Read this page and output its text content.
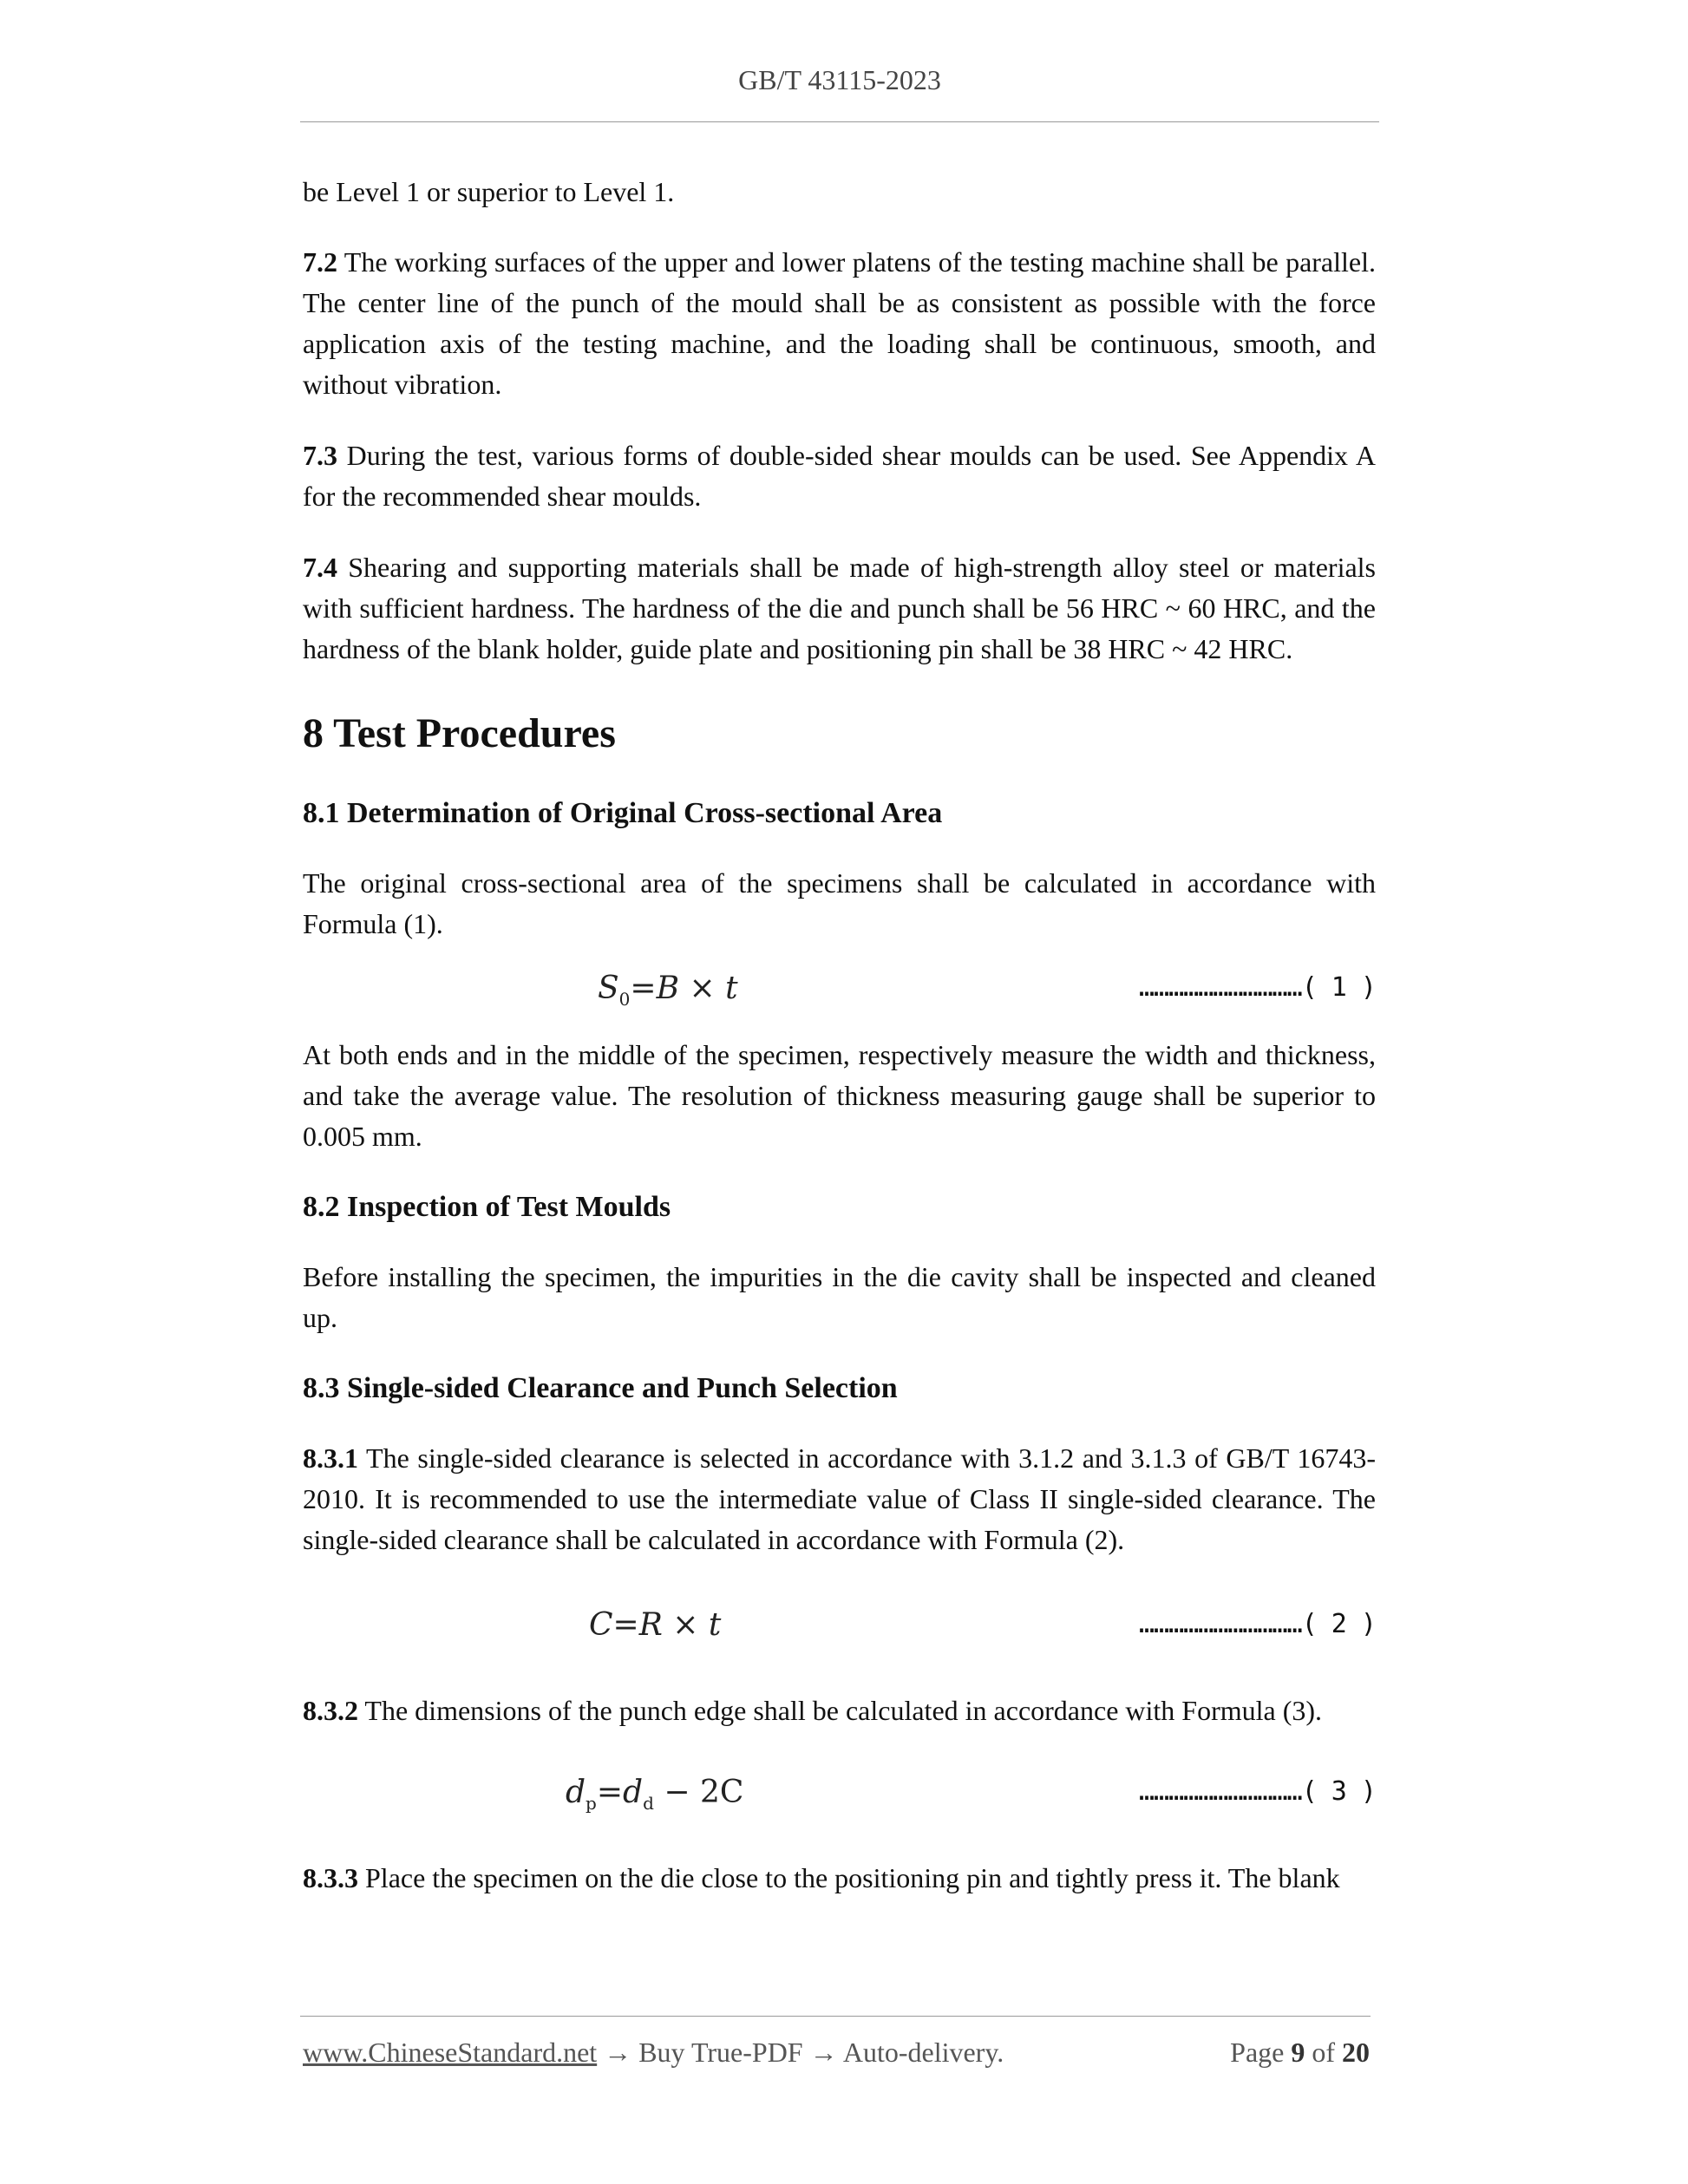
GB/T 43115-2023

be Level 1 or superior to Level 1.

7.2 The working surfaces of the upper and lower platens of the testing machine shall be parallel. The center line of the punch of the mould shall be as consistent as possible with the force application axis of the testing machine, and the loading shall be continuous, smooth, and without vibration.

7.3 During the test, various forms of double-sided shear moulds can be used. See Appendix A for the recommended shear moulds.

7.4 Shearing and supporting materials shall be made of high-strength alloy steel or materials with sufficient hardness. The hardness of the die and punch shall be 56 HRC ~ 60 HRC, and the hardness of the blank holder, guide plate and positioning pin shall be 38 HRC ~ 42 HRC.

8 Test Procedures
8.1 Determination of Original Cross-sectional Area

The original cross-sectional area of the specimens shall be calculated in accordance with Formula (1).

$S_0=B \times t$	……………………………( 1 )

At both ends and in the middle of the specimen, respectively measure the width and thickness, and take the average value. The resolution of thickness measuring gauge shall be superior to 0.005 mm.

8.2 Inspection of Test Moulds

Before installing the specimen, the impurities in the die cavity shall be inspected and cleaned up.

8.3 Single-sided Clearance and Punch Selection

8.3.1 The single-sided clearance is selected in accordance with 3.1.2 and 3.1.3 of GB/T 16743-2010. It is recommended to use the intermediate value of Class II single-sided clearance. The single-sided clearance shall be calculated in accordance with Formula (2).

C=R × t	……………………………( 2 )

8.3.2 The dimensions of the punch edge shall be calculated in accordance with Formula (3).

$d_p=d_d - 2C$	……………………………( 3 )

8.3.3 Place the specimen on the die close to the positioning pin and tightly press it. The blank

www.ChineseStandard.net → Buy True-PDF → Auto-delivery.	Page 9 of 20
